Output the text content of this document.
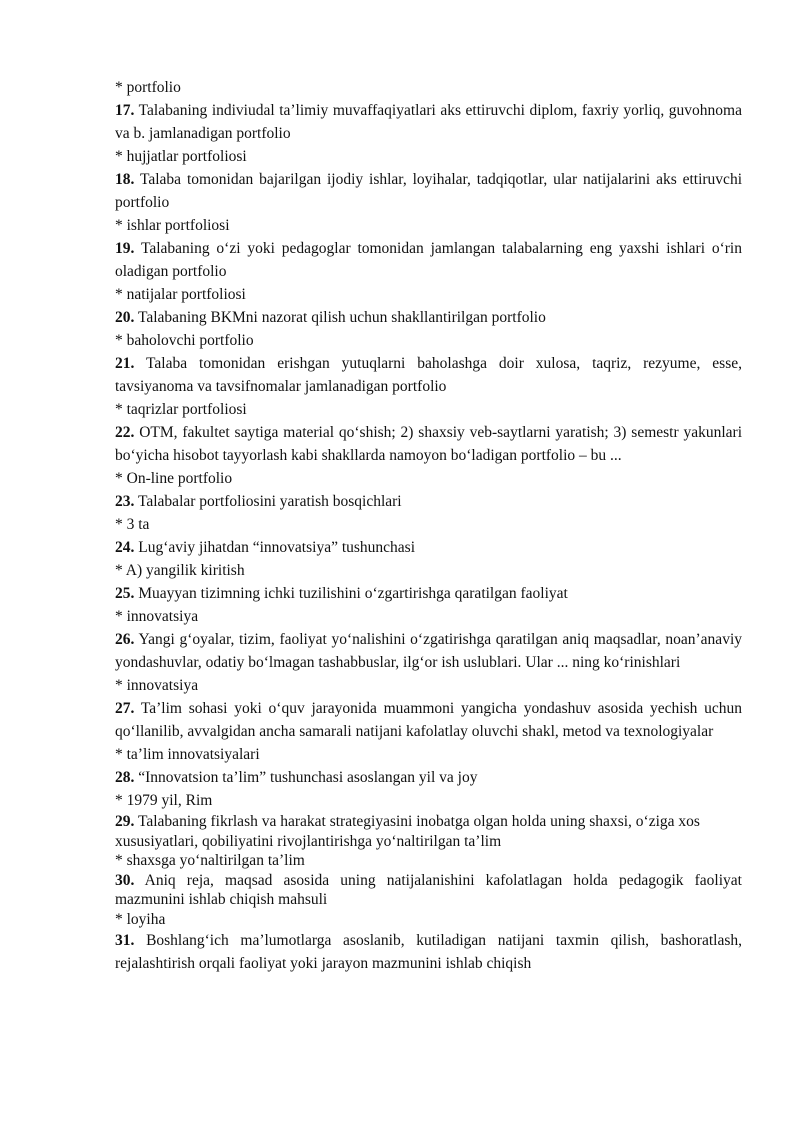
* portfolio

17. Talabaning indiviudal ta’limiy muvaffaqiyatlari aks ettiruvchi diplom, faxriy yorliq, guvohnoma va b. jamlanadigan portfolio

* hujjatlar portfoliosi

18. Talaba tomonidan bajarilgan ijodiy ishlar, loyihalar, tadqiqotlar, ular natijalarini aks ettiruvchi portfolio

* ishlar portfoliosi

19. Talabaning o‘zi yoki pedagoglar tomonidan jamlangan talabalarning eng yaxshi ishlari o‘rin oladigan portfolio

* natijalar portfoliosi

20. Talabaning BKMni nazorat qilish uchun shakllantirilgan portfolio

* baholovchi portfolio

21. Talaba tomonidan erishgan yutuqlarni baholashga doir xulosa, taqriz, rezyume, esse, tavsiyanoma va tavsifnomalar jamlanadigan portfolio

* taqrizlar portfoliosi

22. OTM, fakultet saytiga material qo‘shish; 2) shaxsiy veb-saytlarni yaratish; 3) semestr yakunlari bo‘yicha hisobot tayyorlash kabi shakllarda namoyon bo‘ladigan portfolio – bu ...

* On-line portfolio

23. Talabalar portfoliosini yaratish bosqichlari

* 3 ta

24. Lug‘aviy jihatdan “innovatsiya” tushunchasi

* A) yangilik kiritish

25. Muayyan tizimning ichki tuzilishini o‘zgartirishga qaratilgan faoliyat

* innovatsiya

26. Yangi g‘oyalar, tizim, faoliyat yo‘nalishini o‘zgatirishga qaratilgan aniq maqsadlar, noan’anaviy yondashuvlar, odatiy bo‘lmagan tashabbuslar, ilg‘or ish uslublari. Ular ... ning ko‘rinishlari

* innovatsiya

27. Ta’lim sohasi yoki o‘quv jarayonida muammoni yangicha yondashuv asosida yechish uchun qo‘llanilib, avvalgidan ancha samarali natijani kafolatlay oluvchi shakl, metod va texnologiyalar

* ta’lim innovatsiyalari

28. “Innovatsion ta’lim” tushunchasi asoslangan yil va joy

* 1979 yil, Rim

29. Talabaning fikrlash va harakat strategiyasini inobatga olgan holda uning shaxsi, o‘ziga xos xususiyatlari, qobiliyatini rivojlantirishga yo‘naltirilgan ta’lim

* shaxsga yo‘naltirilgan ta’lim

30. Aniq reja, maqsad asosida uning natijalanishini kafolatlagan holda pedagogik faoliyat mazmunini ishlab chiqish mahsuli

* loyiha

31. Boshlang‘ich ma’lumotlarga asoslanib, kutiladigan natijani taxmin qilish, bashoratlash, rejalashtirish orqali faoliyat yoki jarayon mazmunini ishlab chiqish
